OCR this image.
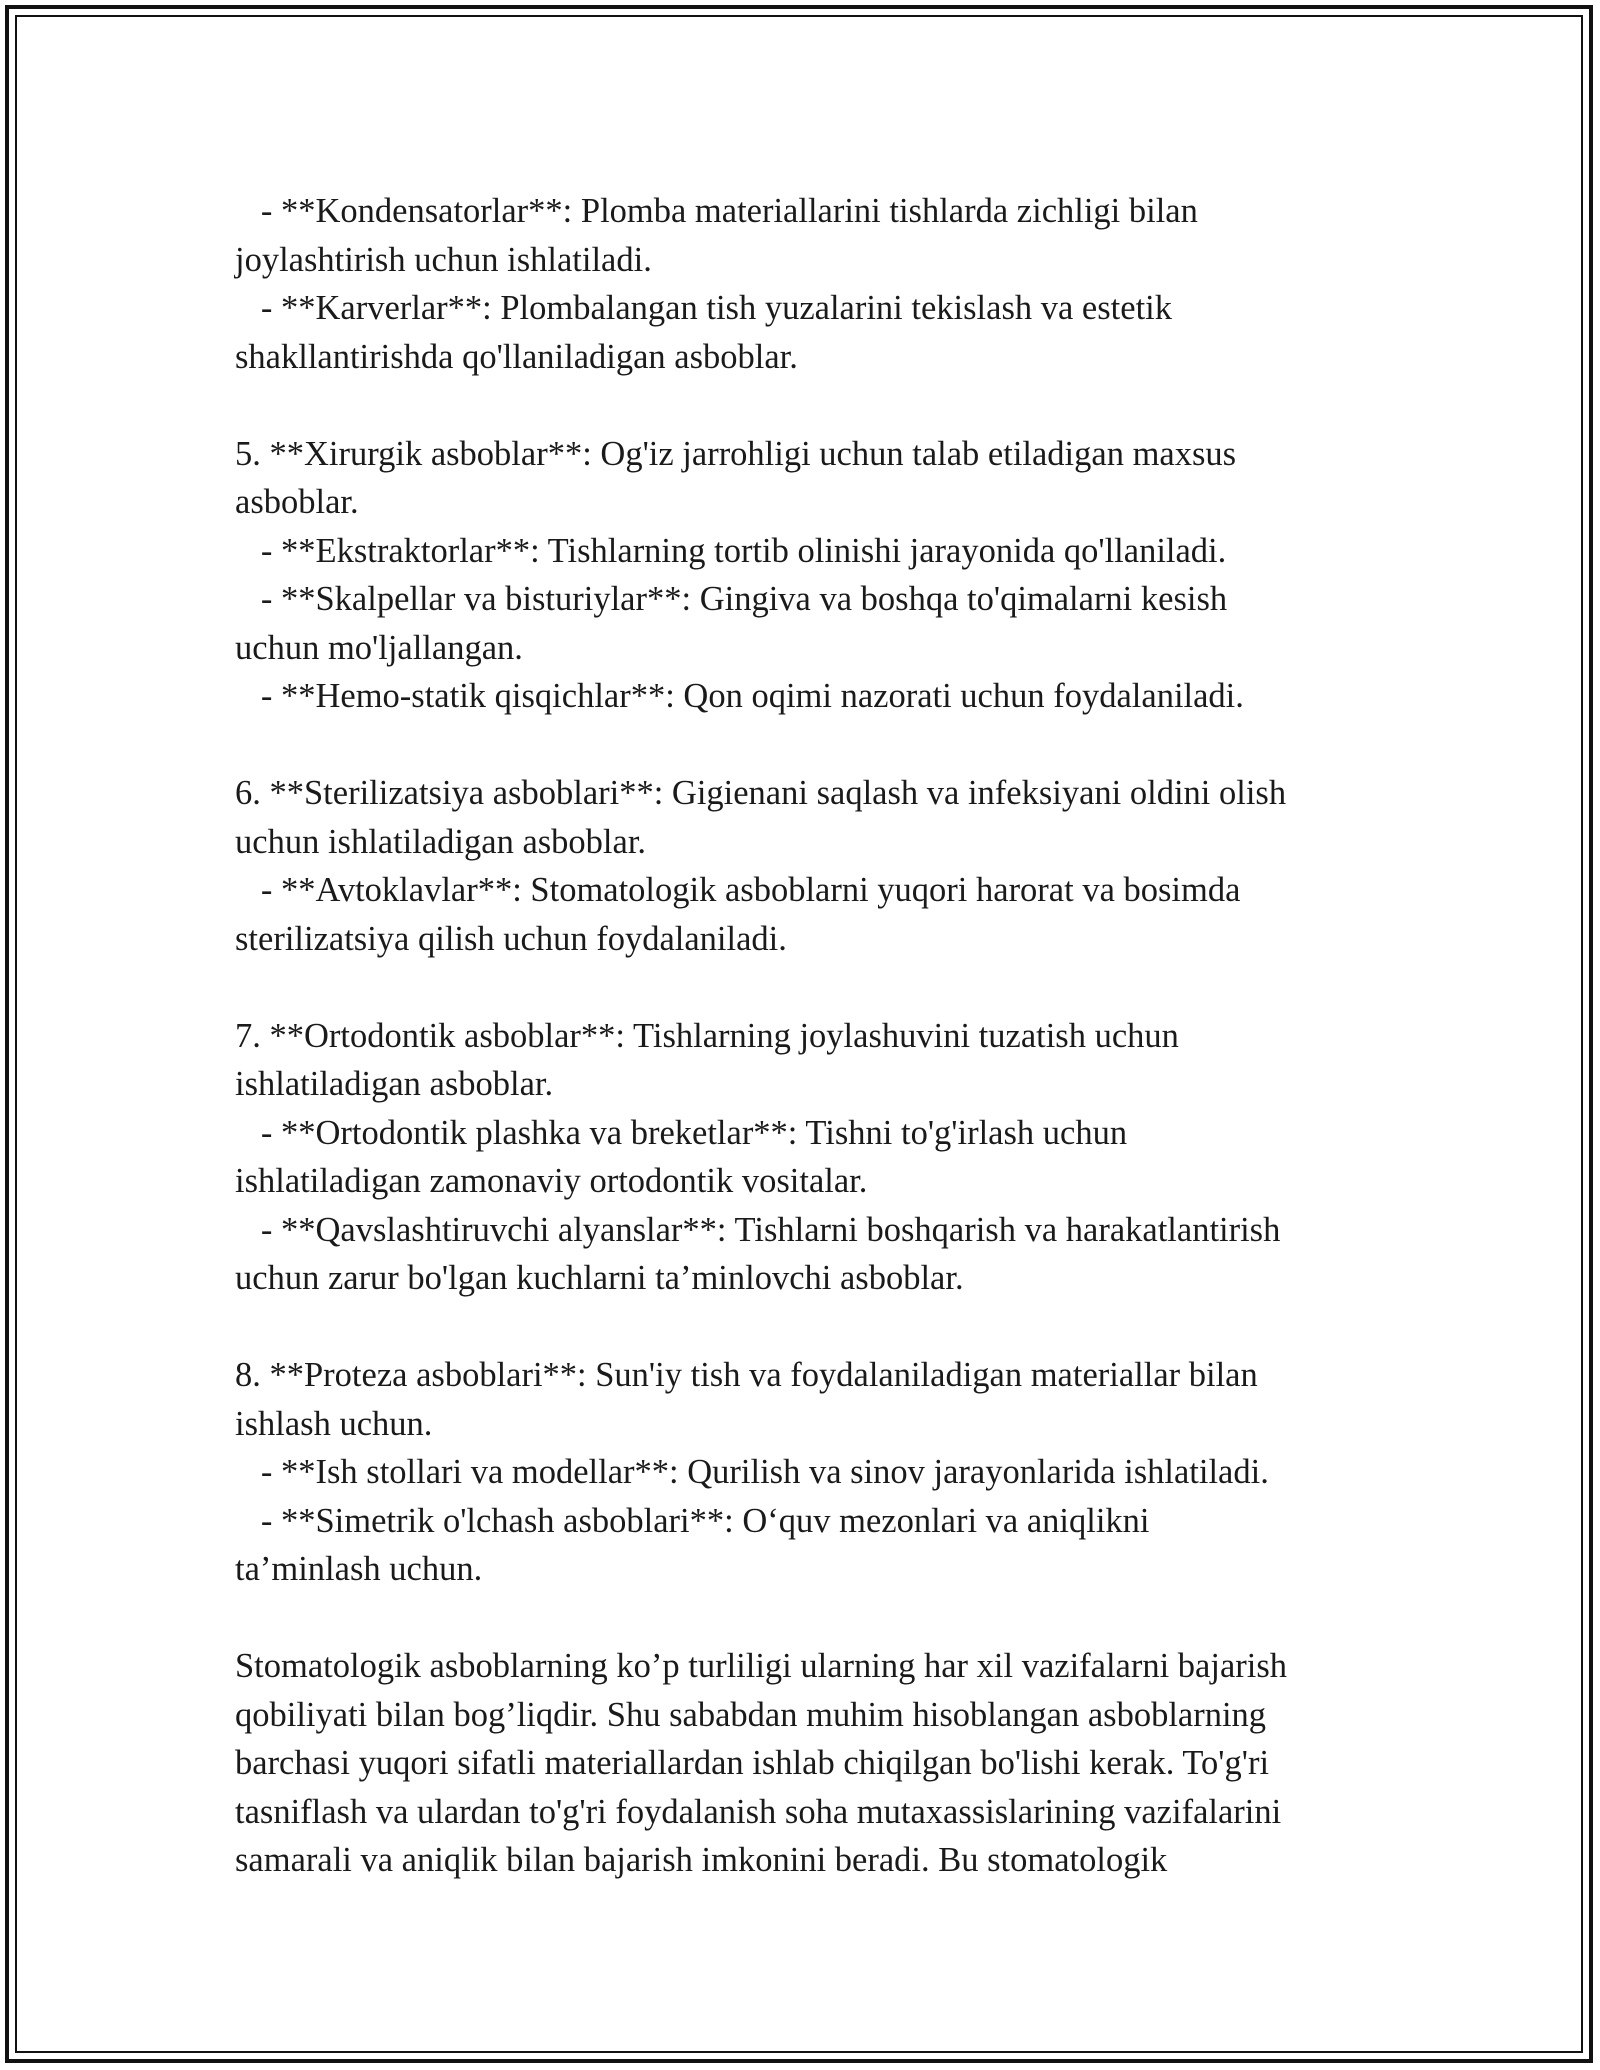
- **Kondensatorlar**: Plomba materiallarini tishlarda zichligi bilan
joylashtirish uchun ishlatiladi.
- **Karverlar**: Plombalangan tish yuzalarini tekislash va estetik
shakllantirishda qo'llaniladigan asboblar.
5. **Xirurgik asboblar**: Og'iz jarrohligi uchun talab etiladigan maxsus
asboblar.
- **Ekstraktorlar**: Tishlarning tortib olinishi jarayonida qo'llaniladi.
- **Skalpellar va bisturiylar**: Gingiva va boshqa to'qimalarni kesish
uchun mo'ljallangan.
- **Hemo-statik qisqichlar**: Qon oqimi nazorati uchun foydalaniladi.
6. **Sterilizatsiya asboblari**: Gigienani saqlash va infeksiyani oldini olish
uchun ishlatiladigan asboblar.
- **Avtoklavlar**: Stomatologik asboblarni yuqori harorat va bosimda
sterilizatsiya qilish uchun foydalaniladi.
7. **Ortodontik asboblar**: Tishlarning joylashuvini tuzatish uchun
ishlatiladigan asboblar.
- **Ortodontik plashka va breketlar**: Tishni to'g'irlash uchun
ishlatiladigan zamonaviy ortodontik vositalar.
- **Qavslashtiruvchi alyanslar**: Tishlarni boshqarish va harakatlantirish
uchun zarur bo'lgan kuchlarni ta’minlovchi asboblar.
8. **Proteza asboblari**: Sun'iy tish va foydalaniladigan materiallar bilan
ishlash uchun.
- **Ish stollari va modellar**: Qurilish va sinov jarayonlarida ishlatiladi.
- **Simetrik o'lchash asboblari**: O‘quv mezonlari va aniqlikni
ta’minlash uchun.
Stomatologik asboblarning ko’p turliligi ularning har xil vazifalarni bajarish
qobiliyati bilan bog’liqdir. Shu sababdan muhim hisoblangan asboblarning
barchasi yuqori sifatli materiallardan ishlab chiqilgan bo'lishi kerak. To'g'ri
tasniflash va ulardan to'g'ri foydalanish soha mutaxassislarining vazifalarini
samarali va aniqlik bilan bajarish imkonini beradi. Bu stomatologik
